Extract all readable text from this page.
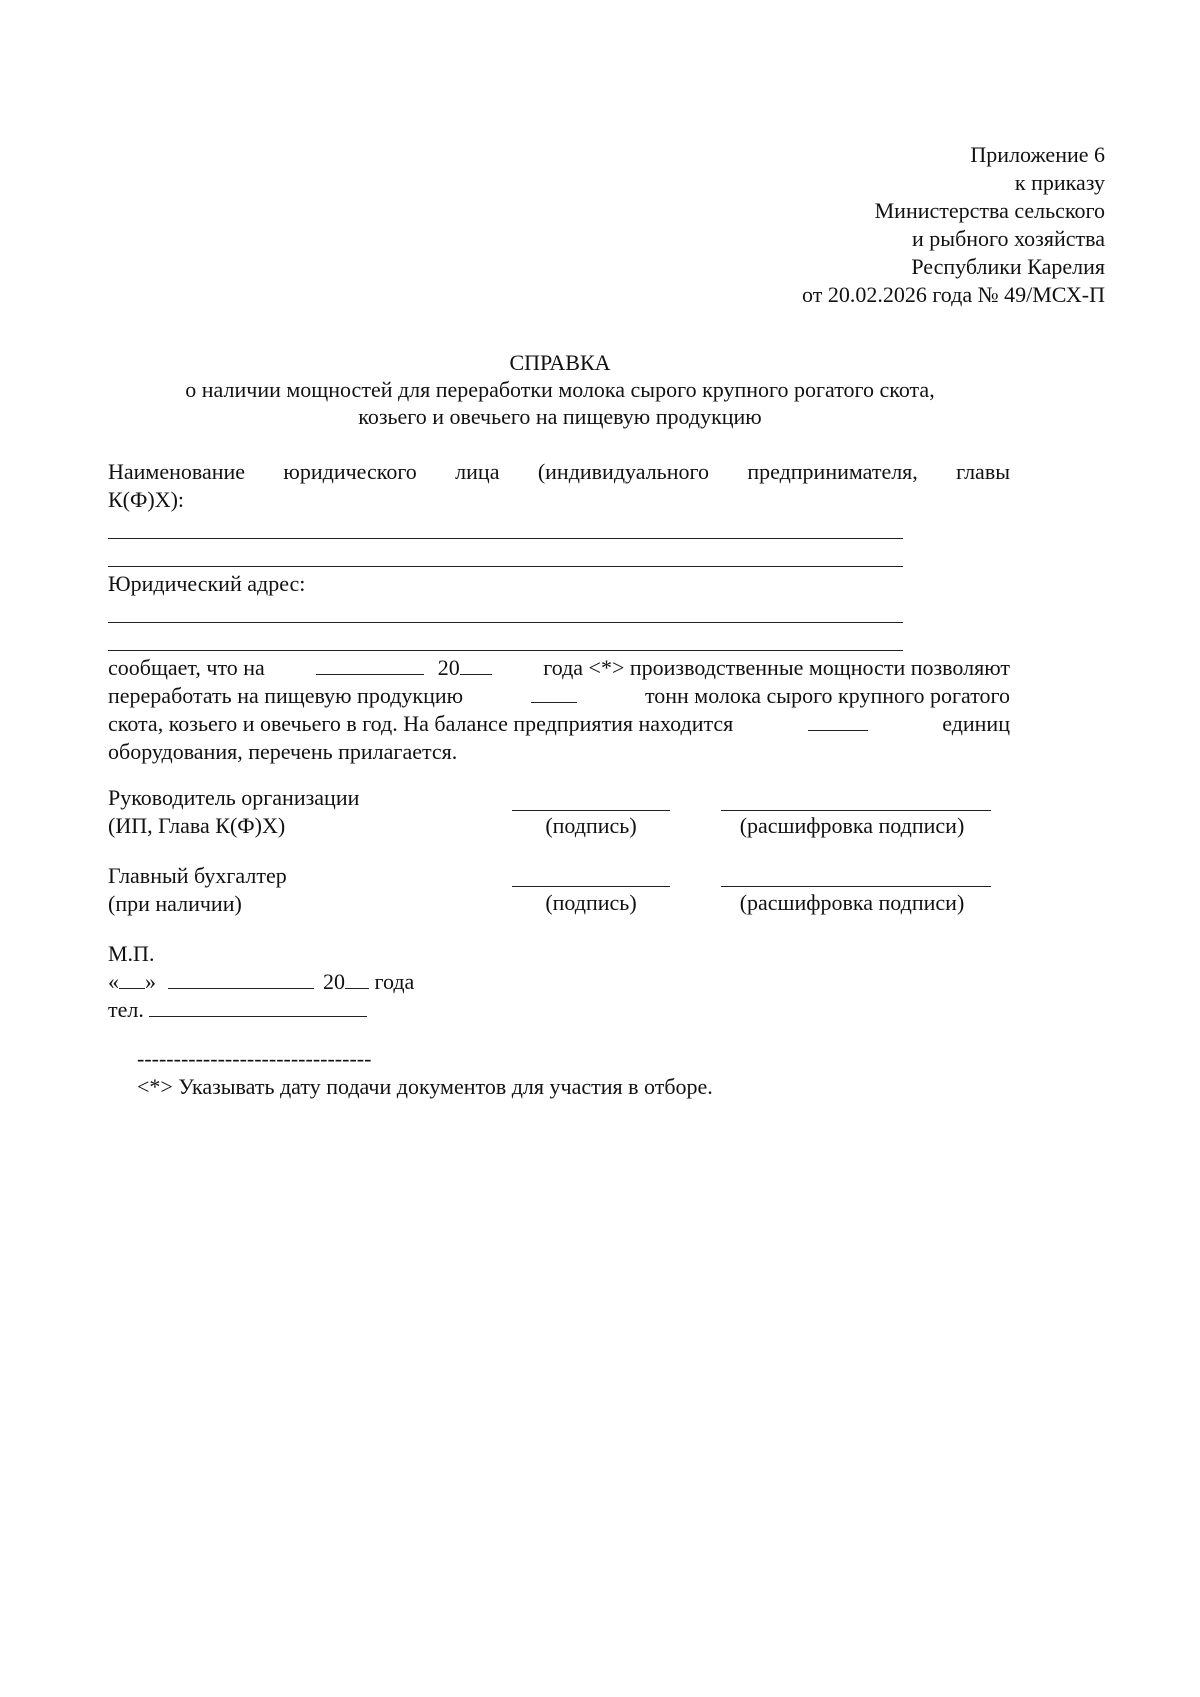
Приложение 6
к приказу
Министерства сельского
и рыбного хозяйства
Республики Карелия
от 20.02.2026 года № 49/МСХ-П
СПРАВКА
о наличии мощностей для переработки молока сырого крупного рогатого скота,
козьего и овечьего на пищевую продукцию
Наименование юридического лица (индивидуального предпринимателя, главы
К(Ф)Х):
Юридический адрес:
сообщает, что на	20	года <*> производственные мощности позволяют
переработать на пищевую продукцию	тонн молока сырого крупного рогатого
скота, козьего и овечьего в год. На балансе предприятия находится	единиц
оборудования, перечень прилагается.
Руководитель организации
(ИП, Глава К(Ф)Х)	(подпись)	(расшифровка подписи)
Главный бухгалтер
(при наличии)	(подпись)	(расшифровка подписи)
М.П.
« »	20 года
тел.
--------------------------------
<*> Указывать дату подачи документов для участия в отборе.
